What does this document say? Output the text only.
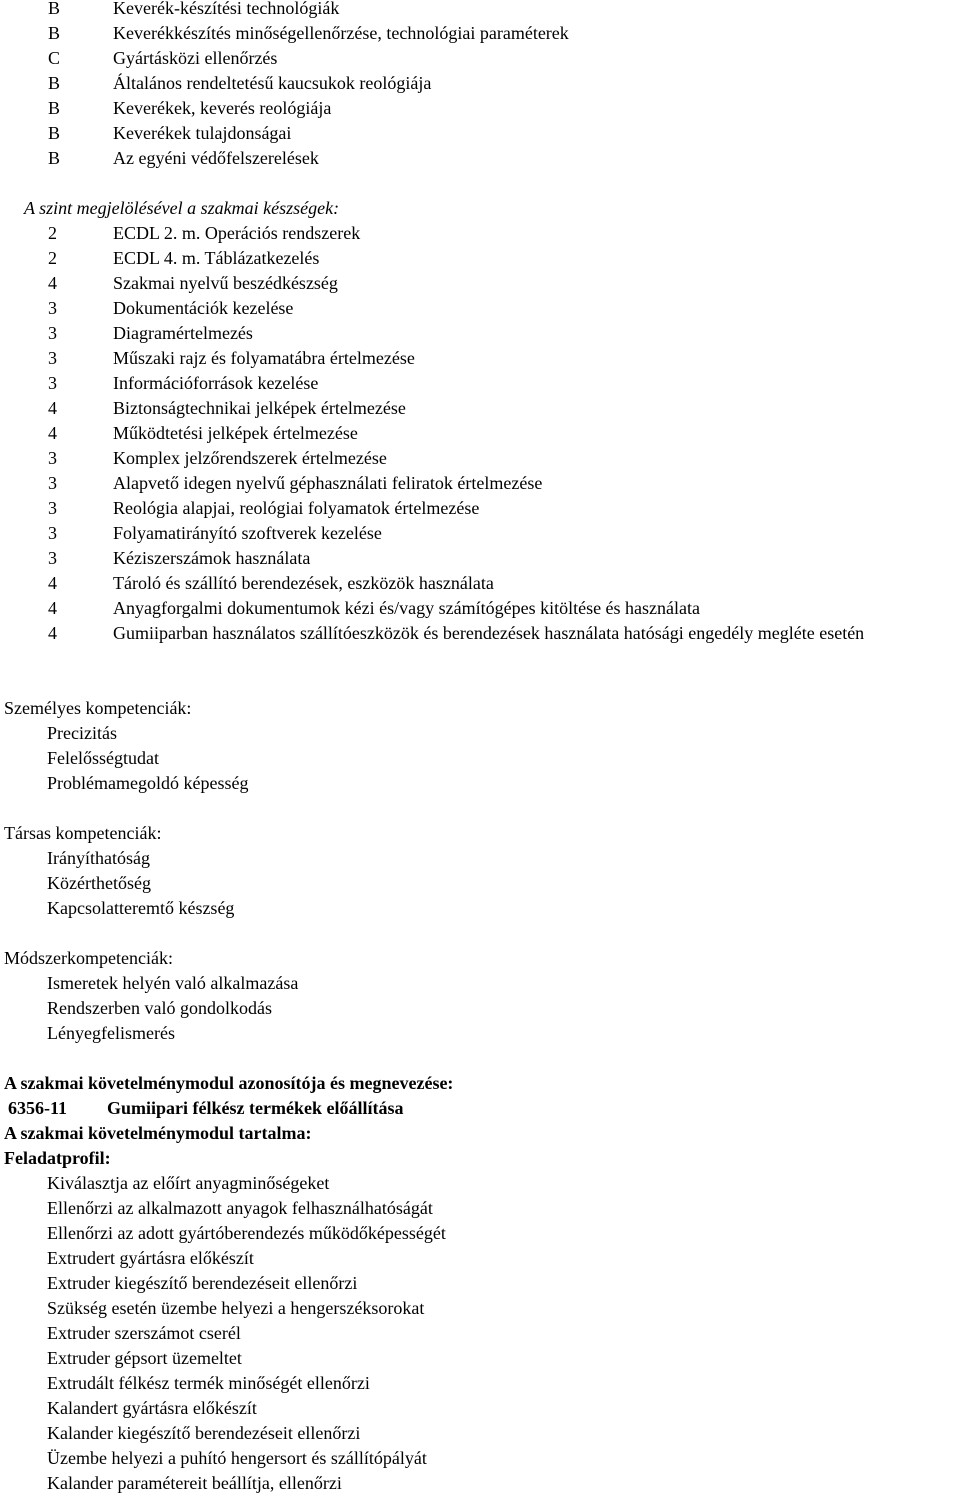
B	Keverék-készítési technológiák
B	Keverékkészítés minőségellenőrzése, technológiai paraméterek
C	Gyártásközi ellenőrzés
B	Általános rendeltetésű kaucsukok reológiája
B	Keverékek, keverés reológiája
B	Keverékek tulajdonságai
B	Az egyéni védőfelszerelések
A szint megjelölésével a szakmai készségek:
2	ECDL 2. m. Operációs rendszerek
2	ECDL 4. m. Táblázatkezelés
4	Szakmai nyelvű beszédkészség
3	Dokumentációk kezelése
3	Diagramértelmezés
3	Műszaki rajz és folyamatábra értelmezése
3	Információforrások kezelése
4	Biztonságtechnikai jelképek értelmezése
4	Működtetési jelképek értelmezése
3	Komplex jelzőrendszerek értelmezése
3	Alapvető idegen nyelvű géphasználati feliratok értelmezése
3	Reológia alapjai, reológiai folyamatok értelmezése
3	Folyamatirányító szoftverek kezelése
3	Kéziszerszámok használata
4	Tároló és szállító berendezések, eszközök használata
4	Anyagforgalmi dokumentumok kézi és/vagy számítógépes kitöltése és használata
4	Gumiiparban használatos szállítóeszközök és berendezések használata hatósági engedély megléte esetén
Személyes kompetenciák:
Precizitás
Felelősségtudat
Problémamegoldó képesség
Társas kompetenciák:
Irányíthatóság
Közérthetőség
Kapcsolatteremtő készség
Módszerkompetenciák:
Ismeretek helyén való alkalmazása
Rendszerben való gondolkodás
Lényegfelismerés
A szakmai követelménymodul azonosítója és megnevezése:
6356-11 Gumiipari félkész termékek előállítása
A szakmai követelménymodul tartalma:
Feladatprofil:
Kiválasztja az előírt anyagminőségeket
Ellenőrzi az alkalmazott anyagok felhasználhatóságát
Ellenőrzi az adott gyártóberendezés működőképességét
Extrudert gyártásra előkészít
Extruder kiegészítő berendezéseit ellenőrzi
Szükség esetén üzembe helyezi a hengerszéksorokat
Extruder szerszámot cserél
Extruder gépsort üzemeltet
Extrudált félkész termék minőségét ellenőrzi
Kalandert gyártásra előkészít
Kalander kiegészítő berendezéseit ellenőrzi
Üzembe helyezi a puhító hengersort és szállítópályát
Kalander paramétereit beállítja, ellenőrzi
